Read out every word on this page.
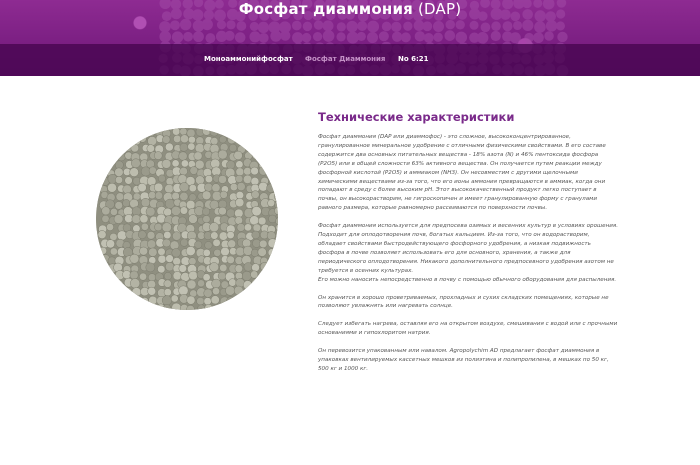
Фосфат диаммония (DAP)
Моноаммонийфосфат Фосфат Диаммония No 6:21
Технические характеристики

Фосфат диаммония (DAP или диаммофос) - это сложное, высококонцентрированное, гранулированное минеральное удобрение с отличными физическими свойствами. В его составе содержится два основных питательных вещества - 18% азота (N) и 46% пентоксида фосфора (P2O5) или в общей сложности 63% активного вещества. Он получается путем реакции между фосфорной кислотой (P2O5) и аммиаком (NH3). Он несовместим с другими щелочными химическими веществами из-за того, что его ионы аммония превращаются в аммиак, когда они попадают в среду с более высоким pH. Этот высококачественный продукт легко поступает в почвы, он высокорастворим, не гигроскопичен и имеет гранулированную форму с гранулами равного размера, которые равномерно рассеиваются по поверхности почвы.

Фосфат диаммония используется для предпосева озимых и весенних культур в условиях орошения. Подходит для оплодотворения почв, богатых кальцием. Из-за того, что он водорастворим, обладает свойствами быстродействующего фосфорного удобрения, а низкая подвижность фосфора в почве позволяет использовать его для основного, хранения, а также для периодического оплодотворения. Никакого дополнительного предпосевного удобрения азотом не требуется в осенних культурах.
Его можно наносить непосредственно в почву с помощью обычного оборудования для распыления.

Он хранится в хорошо проветриваемых, прохладных и сухих складских помещениях, которые не позволяют увлажнять или нагревать солнце.

Следует избегать нагрева, оставляя его на открытом воздухе, смешивания с водой или с прочными основаниями и гипохлоритом натрия.

Он перевозится упакованным или навалом. Agropolychim AD предлагает фосфат диаммония в упаковках вентилируемых кассетных мешков из полиэтина и полипропилена, в мешках по 50 кг, 500 кг и 1000 кг.
